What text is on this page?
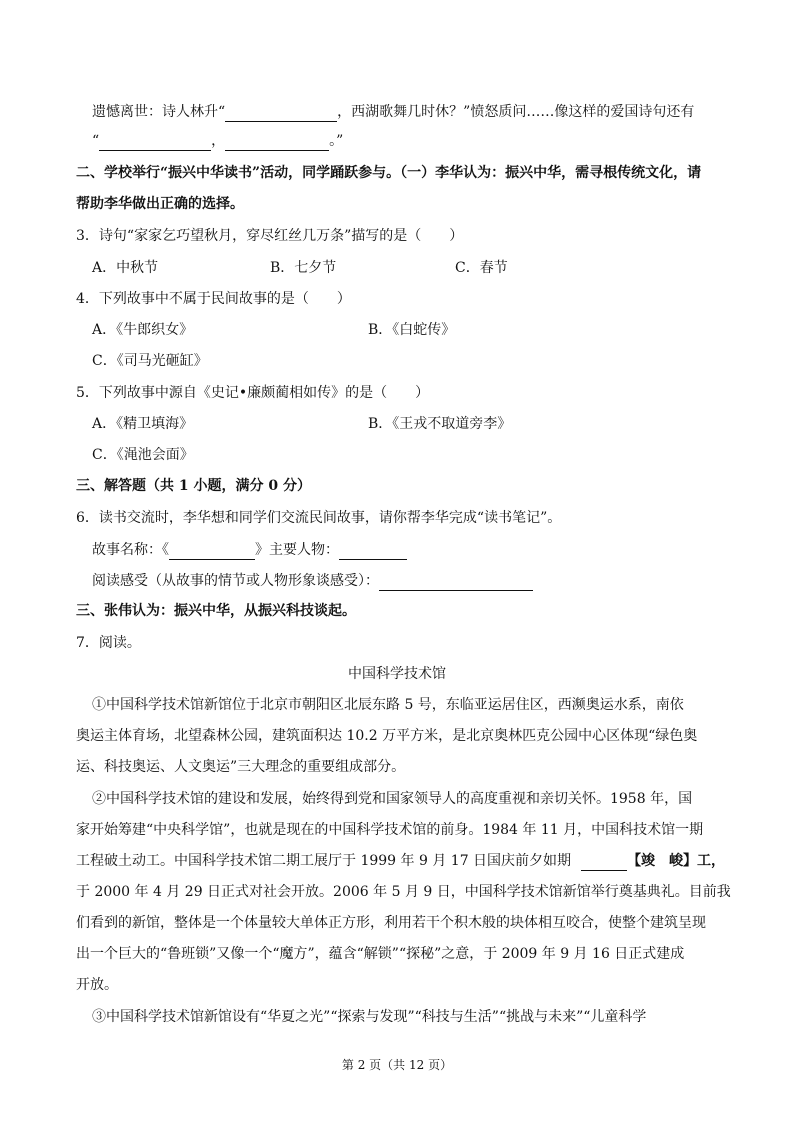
遗憾离世：诗人林升“	，西湖歌舞几时休？”愤怒质问……像这样的爱国诗句还有
“	，	。”
二、学校举行“振兴中华读书”活动，同学踊跃参与。（一）李华认为：振兴中华，需寻根传统文化，请
帮助李华做出正确的选择。
3．诗句“家家乞巧望秋月，穿尽红丝几万条”描写的是（　　）
A．中秋节	B．七夕节	C．春节
4．下列故事中不属于民间故事的是（　　）
A．《牛郎织女》	B．《白蛇传》
C．《司马光砸缸》
5．下列故事中源自《史记•廉颇蔺相如传》的是（　　）
A．《精卫填海》	B．《王戎不取道旁李》
C．《渑池会面》
三、解答题（共 1 小题，满分 0 分）
6．读书交流时，李华想和同学们交流民间故事，请你帮李华完成“读书笔记”。
故事名称：《	》主要人物：
阅读感受（从故事的情节或人物形象谈感受）：
三、张伟认为：振兴中华，从振兴科技谈起。
7．阅读。
中国科学技术馆
①中国科学技术馆新馆位于北京市朝阳区北辰东路 5 号，东临亚运居住区，西濒奥运水系，南依
奥运主体育场，北望森林公园，建筑面积达 10.2 万平方米，是北京奥林匹克公园中心区体现“绿色奥
运、科技奥运、人文奥运”三大理念的重要组成部分。
②中国科学技术馆的建设和发展，始终得到党和国家领导人的高度重视和亲切关怀。1958 年，国
家开始筹建“中央科学馆”，也就是现在的中国科学技术馆的前身。1984 年 11 月，中国科技术馆一期
工程破土动工。中国科学技术馆二期工展厅于 1999 年 9 月 17 日国庆前夕如期	【竣　峻】工，
于 2000 年 4 月 29 日正式对社会开放。2006 年 5 月 9 日，中国科学技术馆新馆举行奠基典礼。目前我
们看到的新馆，整体是一个体量较大单体正方形，利用若干个积木般的块体相互咬合，使整个建筑呈现
出一个巨大的“鲁班锁”又像一个“魔方”，蕴含“解锁”“探秘”之意，于 2009 年 9 月 16 日正式建成
开放。
③中国科学技术馆新馆设有“华夏之光”“探索与发现”“科技与生活”“挑战与未来”“儿童科学
第 2 页（共 12 页）
